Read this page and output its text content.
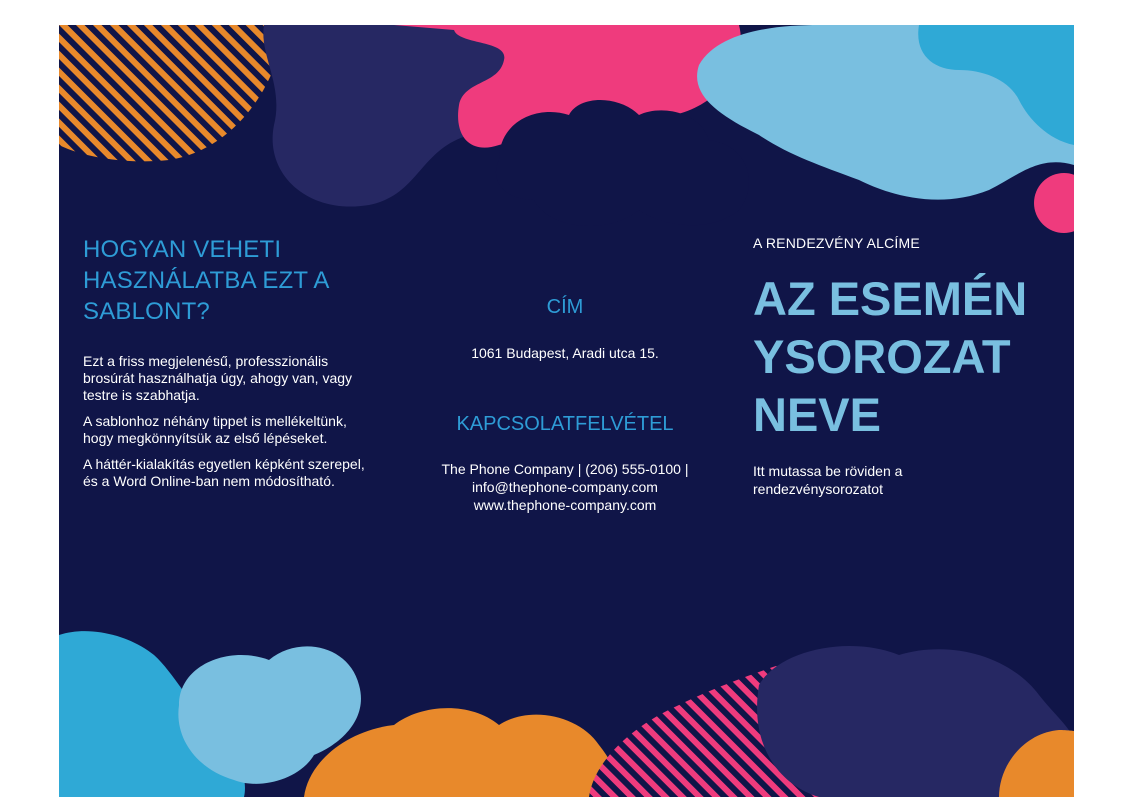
HOGYAN VEHETI HASZNÁLATBA EZT A SABLONT?

Ezt a friss megjelenésű, professzionális brosúrát használhatja úgy, ahogy van, vagy testre is szabhatja.

A sablonhoz néhány tippet is mellékeltünk, hogy megkönnyítsük az első lépéseket.

A háttér-kialakítás egyetlen képként szerepel, és a Word Online-ban nem módosítható.

CÍM

1061 Budapest, Aradi utca 15.

KAPCSOLATFELVÉTEL

The Phone Company | (206) 555-0100 |

info@thephone-company.com

www.thephone-company.com

A RENDEZVÉNY ALCÍME

AZ ESEMÉNYSOROZAT NEVE

Itt mutassa be röviden a rendezvénysorozatot
